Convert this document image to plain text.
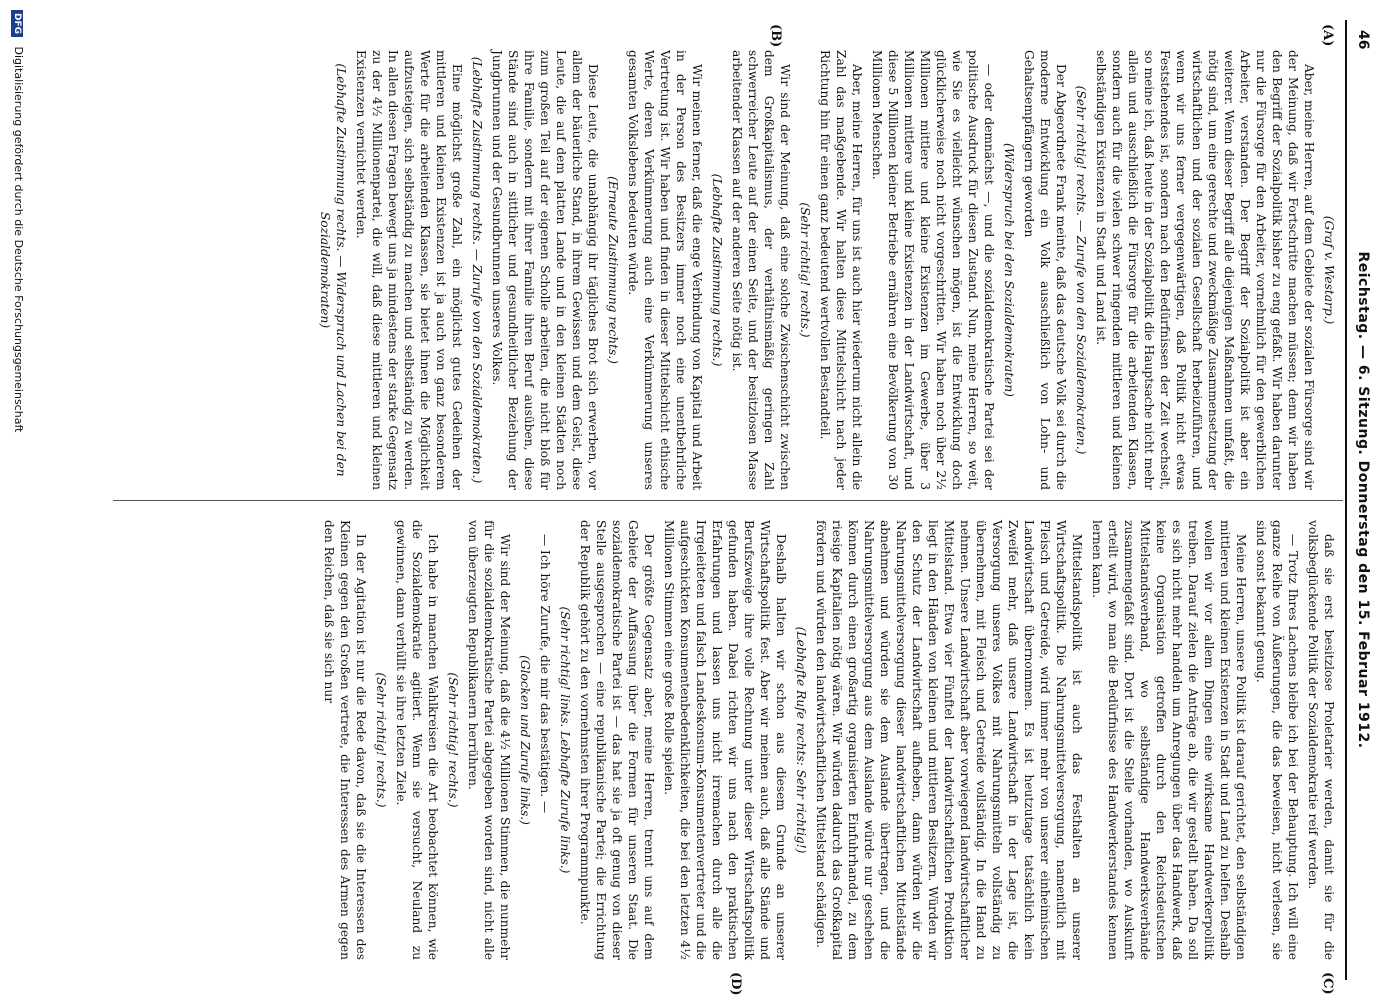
46
Reichstag. — 6. Sitzung. Donnerstag den 15. Februar 1912.
(A)
(B)
(C)
(D)

(Graf v. Westarp.)

Aber, meine Herren, auf dem Gebiete der sozialen Fürsorge sind wir der Meinung, daß wir Fortschritte machen müssen; denn wir haben den Begriff der Sozialpolitik bisher zu eng gefaßt. Wir haben darunter nur die Fürsorge für den Arbeiter, vornehmlich für den gewerblichen Arbeiter, verstanden. Der Begriff der Sozialpolitik ist aber ein weiterer. Wenn dieser Begriff alle diejenigen Maßnahmen umfaßt, die nötig sind, um eine gerechte und zweckmäßige Zusammensetzung der wirtschaftlichen und der sozialen Gesellschaft herbeizuführen, und wenn wir uns ferner vergegenwärtigen, daß Politik nicht etwas Feststehendes ist, sondern nach den Bedürfnissen der Zeit wechselt, so meine ich, daß heute in der Sozialpolitik die Hauptsache nicht mehr allein und ausschließlich die Fürsorge für die arbeitenden Klassen, sondern auch für die vielen schwer ringenden mittleren und kleinen selbständigen Existenzen in Stadt und Land ist.

(Sehr richtig! rechts. — Zurufe von den Sozialdemokraten.)

Der Abgeordnete Frank meinte, daß das deutsche Volk sei durch die moderne Entwicklung ein Volk ausschließlich von Lohn- und Gehaltsempfängern geworden

(Widerspruch bei den Sozialdemokraten)

— oder demnächst —, und die sozialdemokratische Partei sei der politische Ausdruck für diesen Zustand. Nun, meine Herren, so weit, wie Sie es vielleicht wünschen mögen, ist die Entwicklung doch glücklicherweise noch nicht vorgeschritten. Wir haben noch über 2½ Millionen mittlere und kleine Existenzen im Gewerbe, über 3 Millionen mittlere und kleine Existenzen in der Landwirtschaft, und diese 5 Millionen kleiner Betriebe ernähren eine Bevölkerung von 30 Millionen Menschen.

Aber, meine Herren, für uns ist auch hier wiederum nicht allein die Zahl das maßgebende. Wir halten diese Mittelschicht nach jeder Richtung hin für einen ganz bedeutend wertvollen Bestandteil.

(Sehr richtig! rechts.)

Wir sind der Meinung, daß eine solche Zwischenschicht zwischen dem Großkapitalismus, der verhältnismäßig geringen Zahl schwerreicher Leute auf der einen Seite, und der besitzlosen Masse arbeitender Klassen auf der anderen Seite nötig ist.

(Lebhafte Zustimmung rechts.)

Wir meinen ferner, daß die enge Verbindung von Kapital und Arbeit in der Person des Besitzers immer noch eine unentbehrliche Vertretung ist. Wir haben und finden in dieser Mittelschicht ethische Werte, deren Verkümmerung auch eine Verkümmerung unseres gesamten Volkslebens bedeuten würde.

(Erneute Zustimmung rechts.)

Diese Leute, die unabhängig ihr tägliches Brot sich erwerben, vor allem der bäuerliche Stand, in ihrem Gewissen und dem Geist, diese Leute, die auf dem platten Lande und in den kleinen Städten noch zum großen Teil auf der eigenen Scholle arbeiten, die nicht bloß für ihre Familie, sondern mit ihrer Familie ihren Beruf ausüben, diese Stände sind auch in sittlicher und gesundheitlicher Beziehung der Jungbrunnen und der Gesundbrunnen unseres Volkes.

(Lebhafte Zustimmung rechts. — Zurufe von den Sozialdemokraten.)

Eine möglichst große Zahl, ein möglichst gutes Gedeihen der mittleren und kleinen Existenzen ist ja auch von ganz besonderem Werte für die arbeitenden Klassen, sie bietet ihnen die Möglichkeit aufzusteigen, sich selbständig zu machen und selbständig zu werden. In allen diesen Fragen bewegt uns ja mindestens der starke Gegensatz zu der 4½ Millionenpartei, die will, daß diese mittleren und kleinen Existenzen vernichtet werden.

(Lebhafte Zustimmung rechts. — Widerspruch und Lachen bei den Sozialdemokraten)

daß sie erst besitzlose Proletarier werden, damit sie für die volksbeglückende Politik der Sozialdemokratie reif werden.

— Trotz Ihres Lachens bleibe ich bei der Behauptung. Ich will eine ganze Reihe von Äußerungen, die das beweisen, nicht verlesen, sie sind sonst bekannt genug.

Meine Herren, unsere Politik ist darauf gerichtet, den selbständigen mittleren und kleinen Existenzen in Stadt und Land zu helfen. Deshalb wollen wir vor allem Dingen eine wirksame Handwerkerpolitik treiben. Darauf zielen die Anträge ab, die wir gestellt haben. Da soll es sich nicht mehr handeln um Anregungen über das Handwerk, daß keine Organisation getroffen durch den Reichsdeutschen Mittelstandsverband, wo selbständige Handwerksverbände zusammengefaßt sind. Dort ist die Stelle vorhanden, wo Auskunft erteilt wird, wo man die Bedürfnisse des Handwerkerstandes kennen lernen kann.

Mittelstandspolitik ist auch das Festhalten an unserer Wirtschaftspolitik. Die Nahrungsmittelversorgung, namentlich mit Fleisch und Getreide, wird immer mehr von unserer einheimischen Landwirtschaft übernommen. Es ist heutzutage tatsächlich kein Zweifel mehr, daß unsere Landwirtschaft in der Lage ist, die Versorgung unseres Volkes mit Nahrungsmitteln vollständig zu übernehmen, mit Fleisch und Getreide vollständig. In die Hand zu nehmen. Unsere Landwirtschaft aber vorwiegend landwirtschaftlicher Mittelstand. Etwa vier Fünftel der landwirtschaftlichen Produktion liegt in den Händen von kleinen und mittleren Besitzern. Würden wir den Schutz der Landwirtschaft aufheben, dann würden wir die Nahrungsmittelversorgung dieser landwirtschaftlichen Mittelstände abnehmen und würden sie dem Auslande übertragen, und die Nahrungsmittelversorgung aus dem Auslande würde nur geschehen können durch einen großartig organisierten Einfuhrhandel, zu dem riesige Kapitalien nötig wären. Wir würden dadurch das Großkapital fördern und würden den landwirtschaftlichen Mittelstand schädigen.

(Lebhafte Rufe rechts: Sehr richtig!)

Deshalb halten wir schon aus diesem Grunde an unserer Wirtschaftspolitik fest. Aber wir meinen auch, daß alle Stände und Berufszweige ihre volle Rechnung unter dieser Wirtschaftspolitik gefunden haben. Dabei richten wir uns nach den praktischen Erfahrungen und lassen uns nicht irremachen durch alle die Irrgeleiteten und falsch Landeskonsum-Konsumentenvertreter und die aufgeschickten Konsumentenbedenklichkeiten, die bei den letzten 4½ Millionen Stimmen eine große Rolle spielen.

Der größte Gegensatz aber, meine Herren, trennt uns auf dem Gebiete der Auffassung über die Formen für unseren Staat. Die sozialdemokratische Partei ist — das hat sie ja oft genug von dieser Stelle ausgesprochen — eine republikanische Partei; die Errichtung der Republik gehört zu den vornehmsten ihrer Programmpunkte.

(Sehr richtig! links. Lebhafte Zurufe links.)

— Ich höre Zurufe, die mir das bestätigen. —

(Glocken und Zurufe links.)

Wir sind der Meinung, daß die 4½ Millionen Stimmen, die nunmehr für die sozialdemokratische Partei abgegeben worden sind, nicht alle von überzeugten Republikanern herrühren.

(Sehr richtig! rechts.)

Ich habe in manchen Wahlkreisen die Art beobachtet können, wie die Sozialdemokratie agitiert. Wenn sie versucht, Neuland zu gewinnen, dann verhüllt sie ihre letzten Ziele.

(Sehr richtig! rechts.)

In der Agitation ist nur die Rede davon, daß sie die Interessen des Kleinen gegen den Großen vertrete, die Interessen des Armen gegen den Reichen, daß sie sich nur

DFG Digitalisierung gefördert durch die Deutsche Forschungsgemeinschaft
